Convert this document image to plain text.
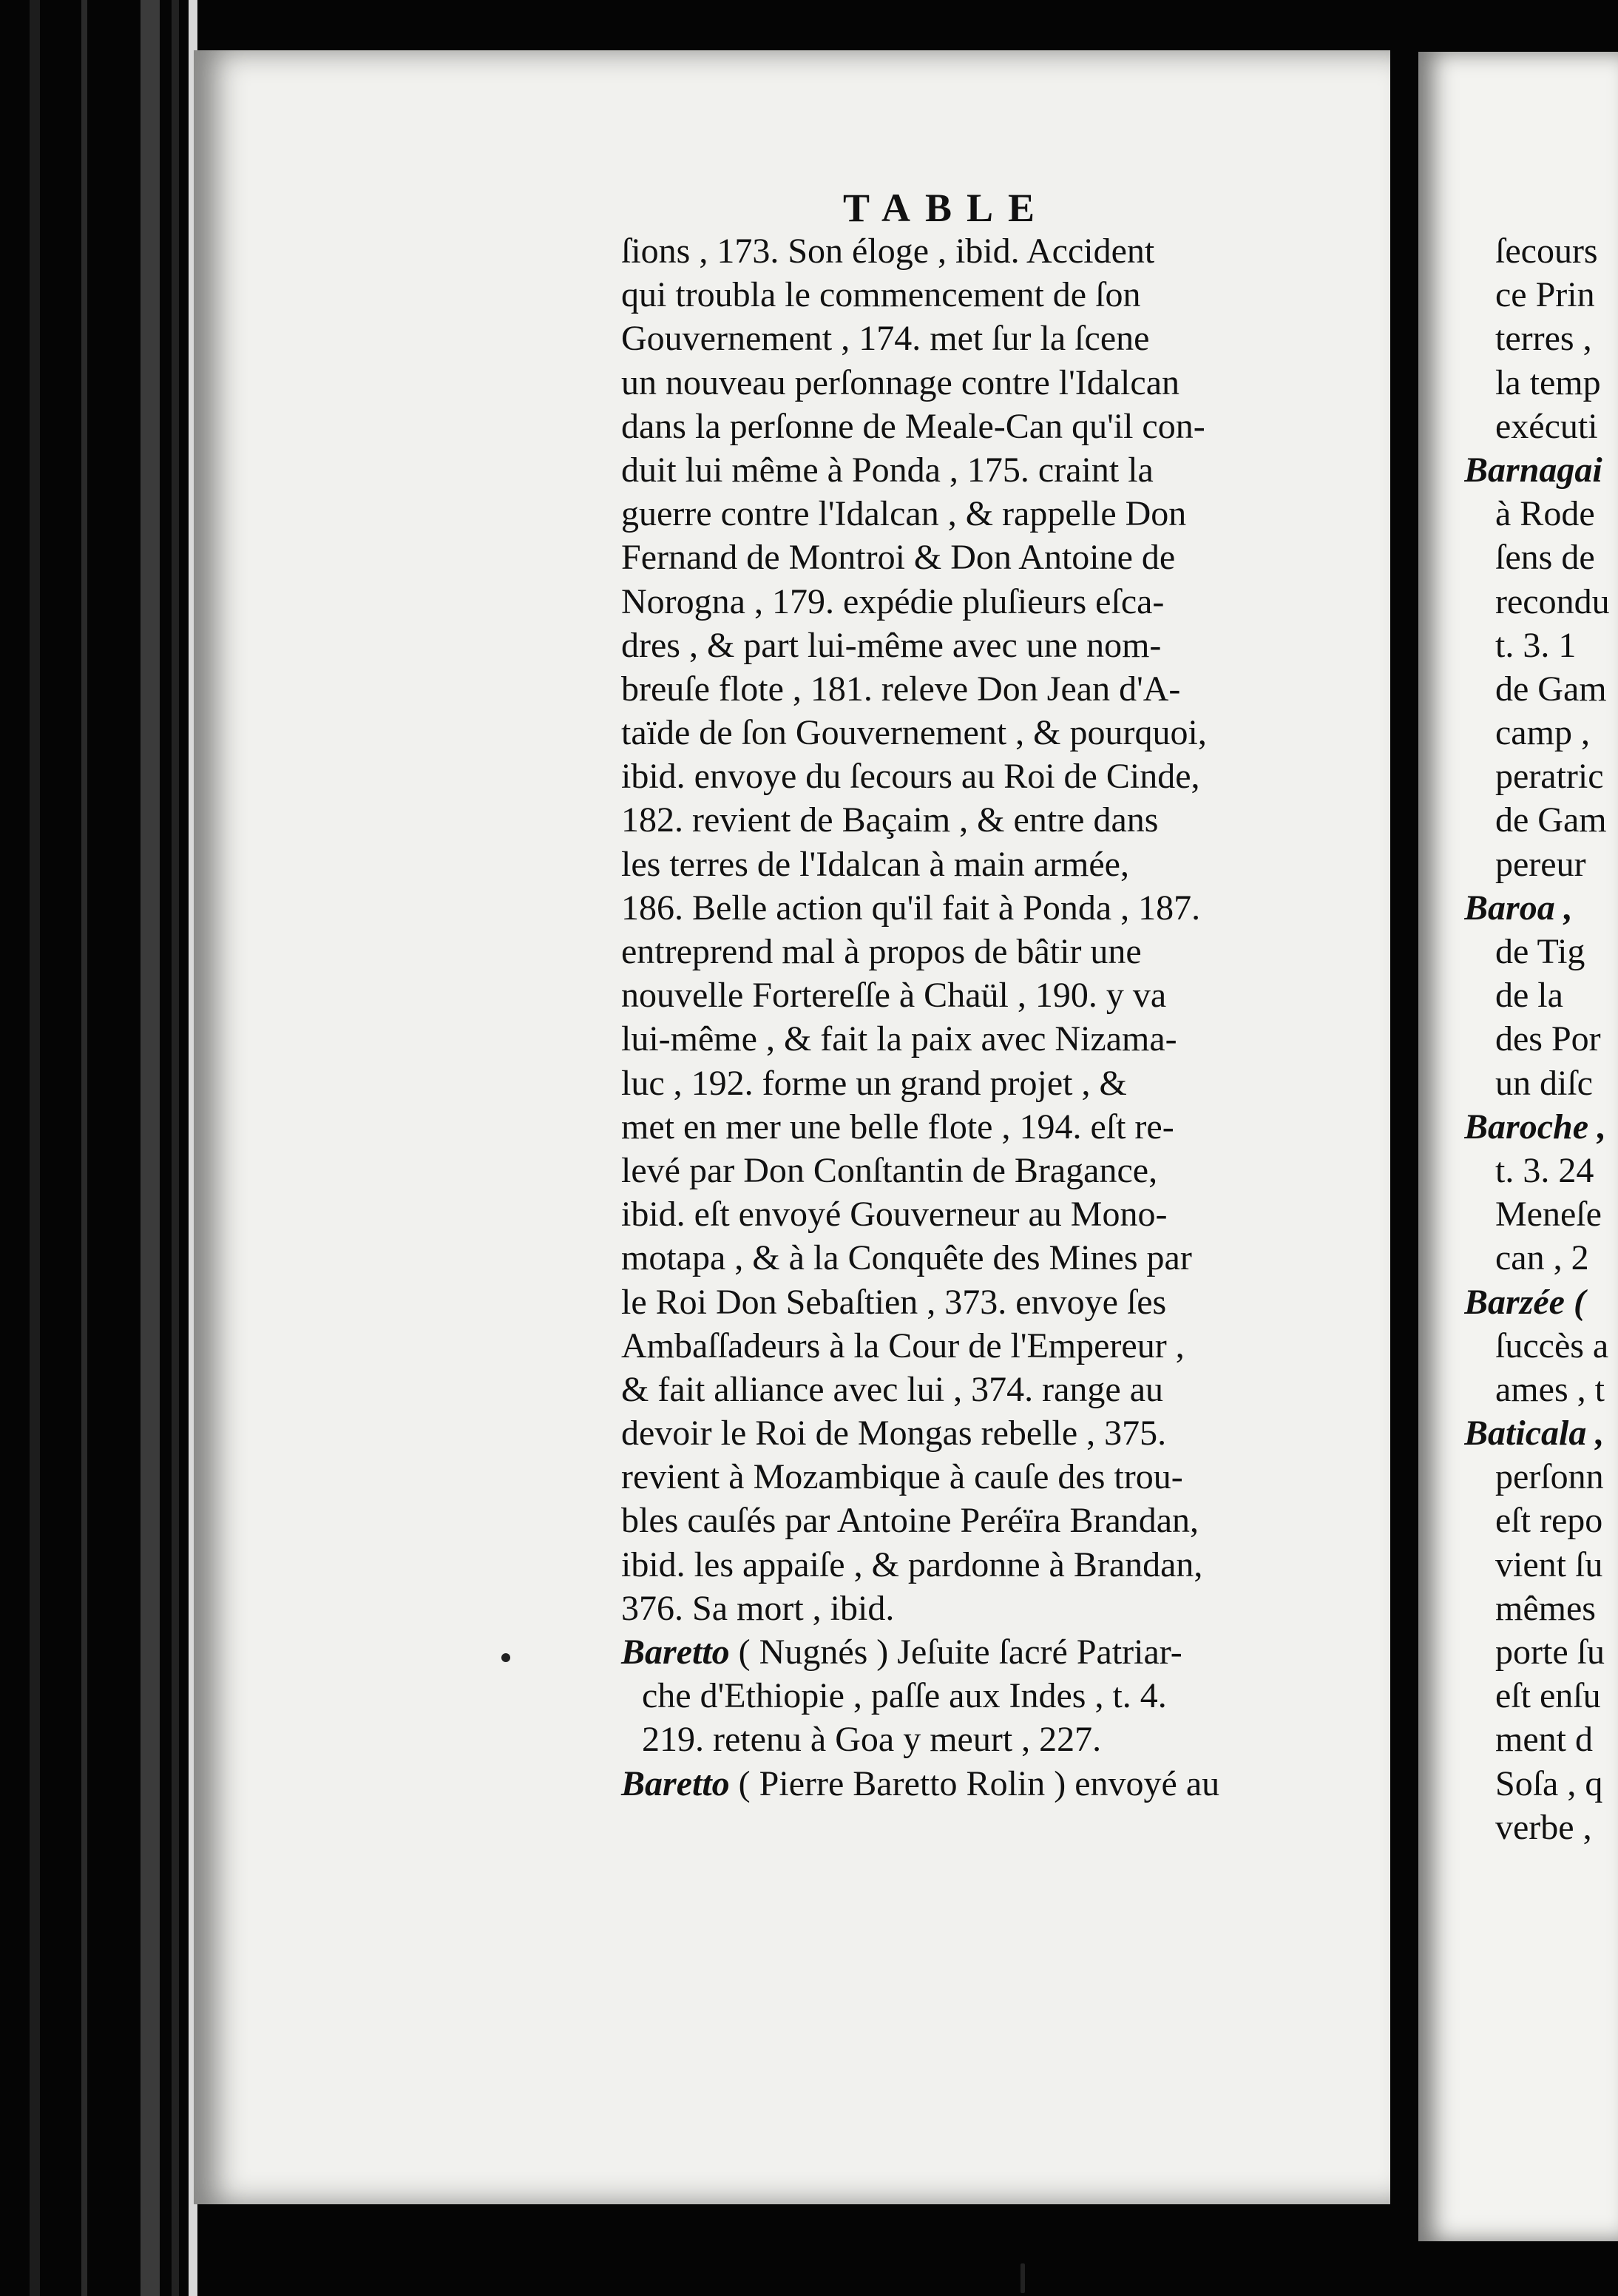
TABLE
ſions , 173. Son éloge , ibid. Accident
qui troubla le commencement de ſon
Gouvernement , 174. met ſur la ſcene
un nouveau perſonnage contre l'Idalcan
dans la perſonne de Meale-Can qu'il con-
duit lui même à Ponda , 175. craint la
guerre contre l'Idalcan , & rappelle Don
Fernand de Montroi & Don Antoine de
Norogna , 179. expédie pluſieurs eſca-
dres , & part lui-même avec une nom-
breuſe flote , 181. releve Don Jean d'A-
taïde de ſon Gouvernement , & pourquoi,
ibid. envoye du ſecours au Roi de Cinde,
182. revient de Baçaim , & entre dans
les terres de l'Idalcan à main armée,
186. Belle action qu'il fait à Ponda , 187.
entreprend mal à propos de bâtir une
nouvelle Fortereſſe à Chaül , 190. y va
lui-même , & fait la paix avec Nizama-
luc , 192. forme un grand projet , &
met en mer une belle flote , 194. eſt re-
levé par Don Conſtantin de Bragance,
ibid. eſt envoyé Gouverneur au Mono-
motapa , & à la Conquête des Mines par
le Roi Don Sebaſtien , 373. envoye ſes
Ambaſſadeurs à la Cour de l'Empereur ,
& fait alliance avec lui , 374. range au
devoir le Roi de Mongas rebelle , 375.
revient à Mozambique à cauſe des trou-
bles cauſés par Antoine Peréïra Brandan,
ibid. les appaiſe , & pardonne à Brandan,
376. Sa mort , ibid.
Baretto ( Nugnés ) Jeſuite ſacré Patriar-
che d'Ethiopie , paſſe aux Indes , t. 4.
219. retenu à Goa y meurt , 227.
Baretto ( Pierre Baretto Rolin ) envoyé au
ſecours
ce Prin
terres ,
la temp
exécuti
Barnagai
à Rode
ſens de
recondu
t. 3. 1
de Gam
camp ,
peratric
de Gam
pereur
Baroa ,
de Tig
de la
des Por
un diſc
Baroche ,
t. 3. 24
Meneſe
can , 2
Barzée (
ſuccès a
ames , t
Baticala ,
perſonn
eſt repo
vient ſu
mêmes
porte ſu
eſt enſu
ment d
Soſa , q
verbe ,
